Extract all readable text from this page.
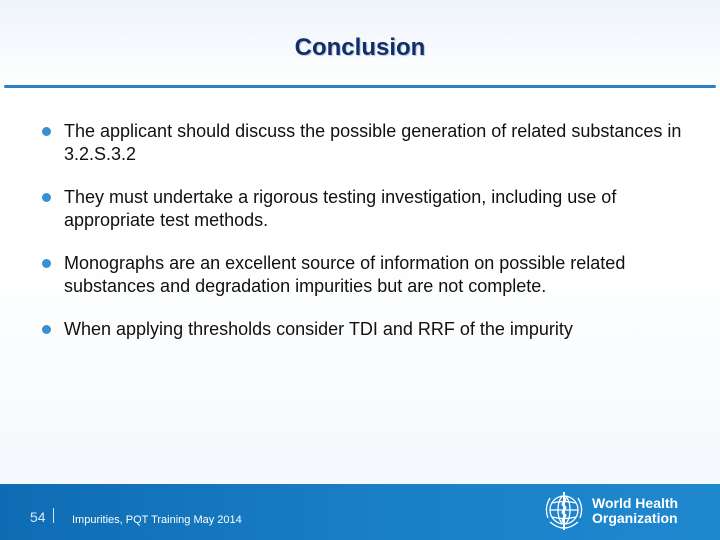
Conclusion
The applicant should discuss the possible generation of related substances in 3.2.S.3.2
They must undertake a rigorous testing investigation, including use of appropriate test methods.
Monographs are an excellent source of information on possible related substances and degradation impurities but are not complete.
When applying thresholds consider TDI and RRF of the impurity
54 Impurities, PQT Training May 2014
World Health
Organization
